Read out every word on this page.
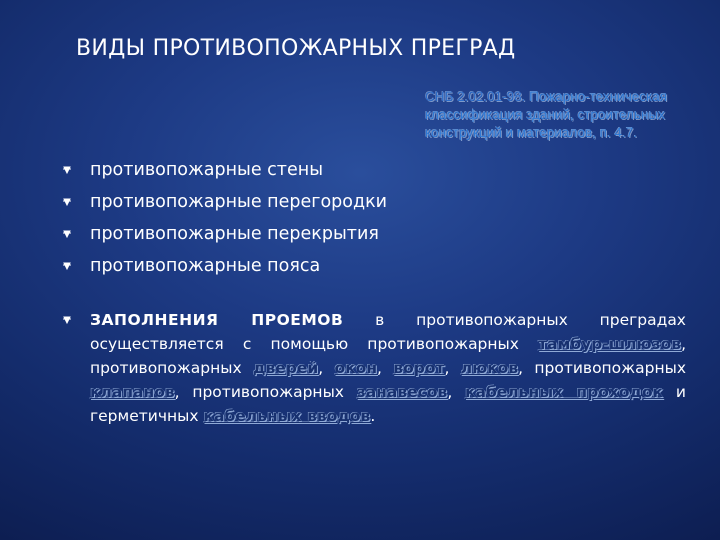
ВИДЫ ПРОТИВОПОЖАРНЫХ ПРЕГРАД
СНБ 2.02.01-98. Пожарно-техническая классификация зданий, строительных конструкций и материалов, п. 4.7.
противопожарные стены
противопожарные перегородки
противопожарные перекрытия
противопожарные пояса
ЗАПОЛНЕНИЯ ПРОЕМОВ в противопожарных преградах осуществляется с помощью противопожарных тамбур-шлюзов, противопожарных дверей, окон, ворот, люков, противопожарных клапанов, противопожарных занавесов, кабельных проходок и герметичных кабельных вводов.
